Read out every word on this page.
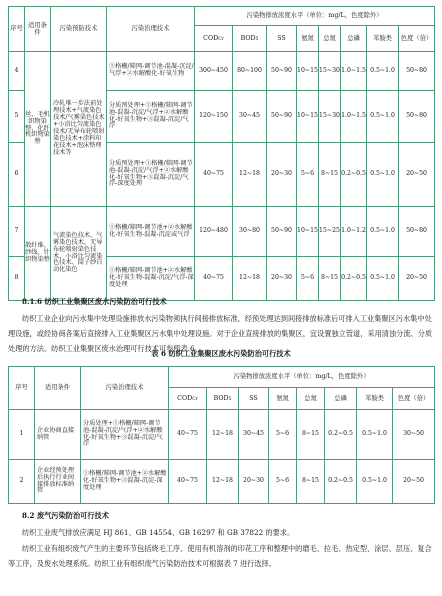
序号	适用条件	污染预防技术	污染治理技术	污染物排放浓度水平（单位：mg/L，色度除外）							
				CODCr	BOD5	SS	氨氮	总氮	总磷	苯胺类	色度（倍）
4	丝、毛机织物染整、化纤机织物染整	冷轧堆一步法前处理技术+气流染色技术/气雾染色技术+小浴比匀流染色技术/无导布轮喷射染色技术+涂料印花技术+泡沫整理技术等	①格栅/筛网-调节池-混凝-沉淀/气浮+②水解酸化-好氧生物	300~450	80~100	50~90	10~15	15~30	1.0~1.5	0.5~1.0	50~80
5			分质预处理+①格栅/筛网-调节池-混凝-沉淀/气浮+②水解酸化-好氧生物+③混凝-沉淀/气浮	120~150	30~45	50~90	10~15	15~30	1.0~1.5	0.5~1.0	50~80
6			分质预处理+①格栅/筛网-调节池-混凝-沉淀/气浮+②水解酸化-好氧生物+③混凝-沉淀/气浮-深度处理	40~75	12~18	20~30	5~6	8~15	0.2~0.5	0.5~1.0	20~50
7	散纤维、纱线、针织物染整	气流染色技术、气雾染色技术、无导布轮喷射染色技术、小浴比匀流染色技术、筒子纱自动化染色	①格栅/筛网-调节池+②水解酸化-好氧生物-混凝-沉淀或气浮	120~480	30~80	50~90	10~15	15~25	1.0~1.2	0.5~1.0	50~80
8			①格栅/筛网-调节池+②水解酸化-好氧生物-混凝-沉淀/气浮-深度处理	40~75	12~18	20~30	5~6	8~15	0.2~0.5	0.5~1.0	20~50
8.1.6 纺织工业集聚区废水污染防治可行技术
纺织工业企业向污水集中处理设施排放水污染物须执行间接排放标准，经预处理达到间接排放标准后可排入工业集聚区污水集中处理设施，或经协商各案后直接排入工业集聚区污水集中处理设施。对于企业直接排放的集聚区，宜设置独立管道，采用清浊分流、分质处理的方法。纺织工业集聚区废水治理可行技术可参照表 6。
表 6 纺织工业集聚区废水污染防治可行技术
序号	适用条件	污染治理技术	污染物排放浓度水平（单位：mg/L，色度除外）							
			CODCr	BOD5	SS	氨氮	总氮	总磷	苯胺类	色度（倍）
1	企业协商直接纳管	分质处理+①格栅/筛网-调节池-混凝-沉淀/气浮+②水解酸化-好氧生物+③混凝-沉淀/气浮	40~75	12~18	30~45	5~6	8~15	0.2~0.5	0.5~1.0	30~50
2	企业经预处理后执行行业间接排放标准纳管	①格栅/筛网-调节池+②水解酸化-好氧生物+③混凝-沉淀-深度处理	40~75	12~18	20~30	5~6	8~15	0.2~0.5	0.5~1.0	20~50
8.2 废气污染防治可行技术
纺织工业废气排放应满足 HJ 861、GB 14554、GB 16297 和 GB 37822 的要求。
纺织工业有组织废气产生的主要环节包括烧毛工序、使用有机溶剂的印花工序和整理中的磨毛、拉毛、热定型、涂层、层压、复合等工序，及废水处理系统。纺织工业有组织废气污染防治技术可根据表 7 进行选择。
